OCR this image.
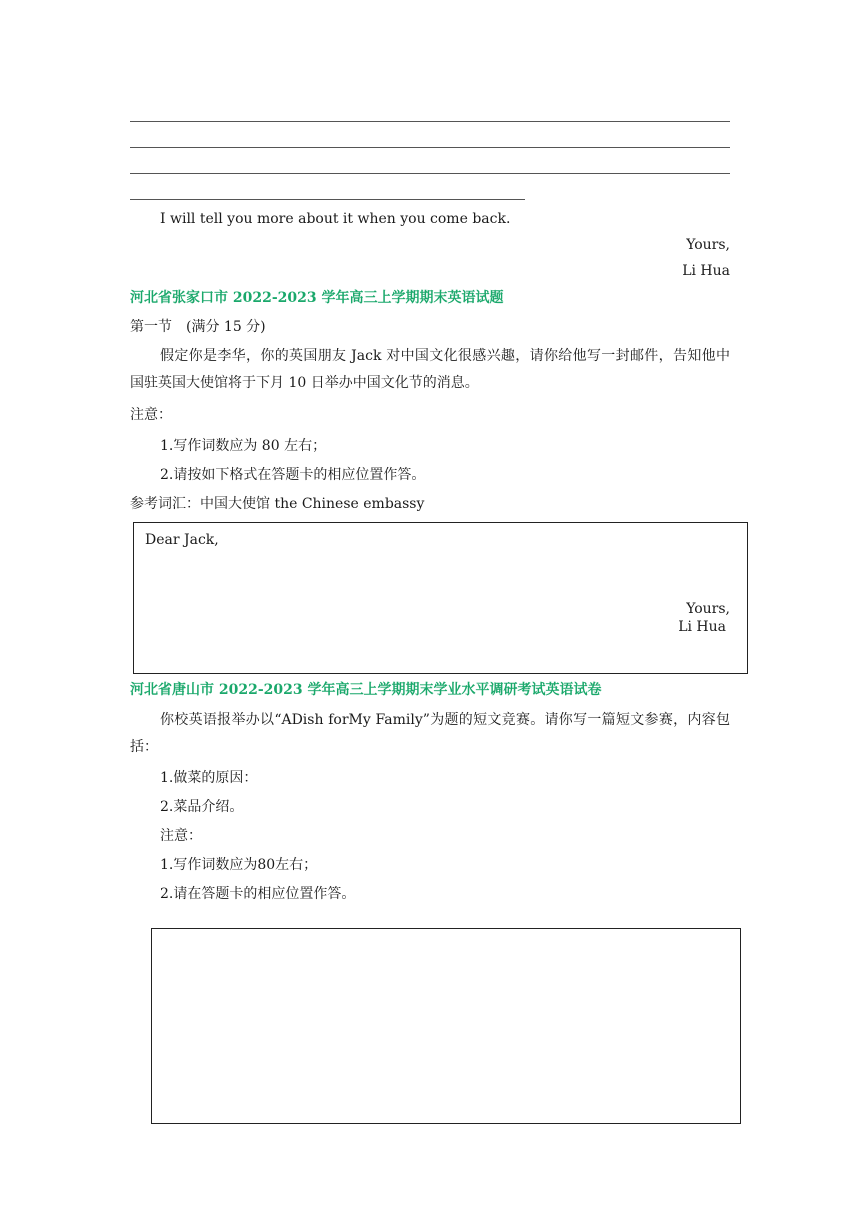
I will tell you more about it when you come back.
Yours,
Li Hua
河北省张家口市 2022-2023 学年高三上学期期末英语试题
第一节　(满分 15 分)
假定你是李华，你的英国朋友 Jack 对中国文化很感兴趣，请你给他写一封邮件，告知他中国驻英国大使馆将于下月 10 日举办中国文化节的消息。
注意：
1.写作词数应为 80 左右；
2.请按如下格式在答题卡的相应位置作答。
参考词汇：中国大使馆 the Chinese embassy
Dear Jack,
Yours,
Li Hua
河北省唐山市 2022-2023 学年高三上学期期末学业水平调研考试英语试卷
你校英语报举办以“ADish forMy Family”为题的短文竞赛。请你写一篇短文参赛，内容包括：
1.做菜的原因：
2.菜品介绍。
注意：
1.写作词数应为80左右；
2.请在答题卡的相应位置作答。
